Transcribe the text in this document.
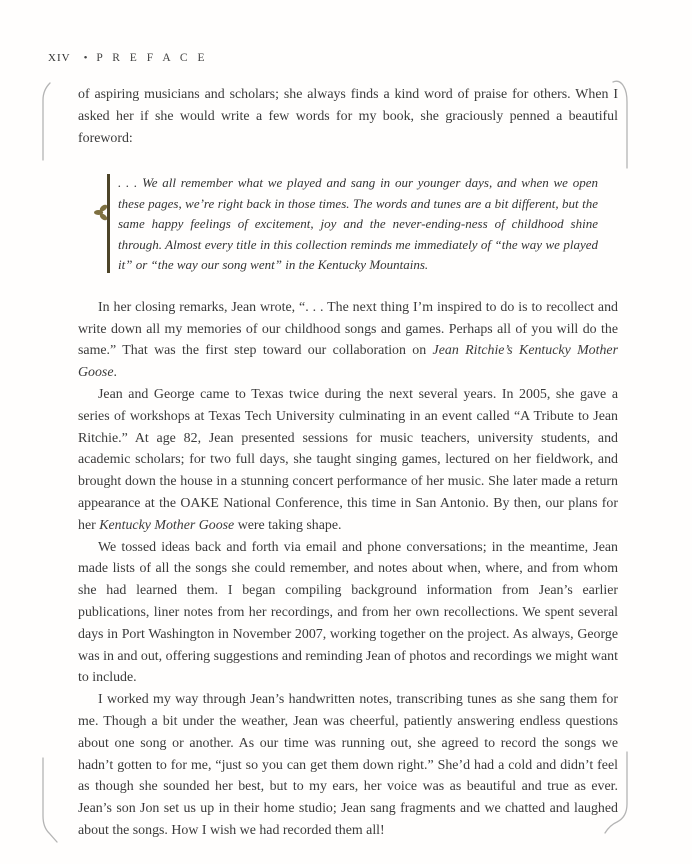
xiv • P R E F A C E

of aspiring musicians and scholars; she always finds a kind word of praise for others. When I asked her if she would write a few words for my book, she graciously penned a beautiful foreword:

. . . We all remember what we played and sang in our younger days, and when we open these pages, we’re right back in those times. The words and tunes are a bit different, but the same happy feelings of excitement, joy and the never-ending-ness of childhood shine through. Almost every title in this collection reminds me immediately of “the way we played it” or “the way our song went” in the Kentucky Mountains.

In her closing remarks, Jean wrote, “. . . The next thing I’m inspired to do is to recollect and write down all my memories of our childhood songs and games. Perhaps all of you will do the same.” That was the first step toward our collaboration on Jean Ritchie’s Kentucky Mother Goose.

Jean and George came to Texas twice during the next several years. In 2005, she gave a series of workshops at Texas Tech University culminating in an event called “A Tribute to Jean Ritchie.” At age 82, Jean presented sessions for music teachers, university students, and academic scholars; for two full days, she taught singing games, lectured on her fieldwork, and brought down the house in a stunning concert performance of her music. She later made a return appearance at the OAKE National Conference, this time in San Antonio. By then, our plans for her Kentucky Mother Goose were taking shape.

We tossed ideas back and forth via email and phone conversations; in the meantime, Jean made lists of all the songs she could remember, and notes about when, where, and from whom she had learned them. I began compiling background information from Jean’s earlier publications, liner notes from her recordings, and from her own recollections. We spent several days in Port Washington in November 2007, working together on the project. As always, George was in and out, offering suggestions and reminding Jean of photos and recordings we might want to include.

I worked my way through Jean’s handwritten notes, transcribing tunes as she sang them for me. Though a bit under the weather, Jean was cheerful, patiently answering endless questions about one song or another. As our time was running out, she agreed to record the songs we hadn’t gotten to for me, “just so you can get them down right.” She’d had a cold and didn’t feel as though she sounded her best, but to my ears, her voice was as beautiful and true as ever. Jean’s son Jon set us up in their home studio; Jean sang fragments and we chatted and laughed about the songs. How I wish we had recorded them all!
